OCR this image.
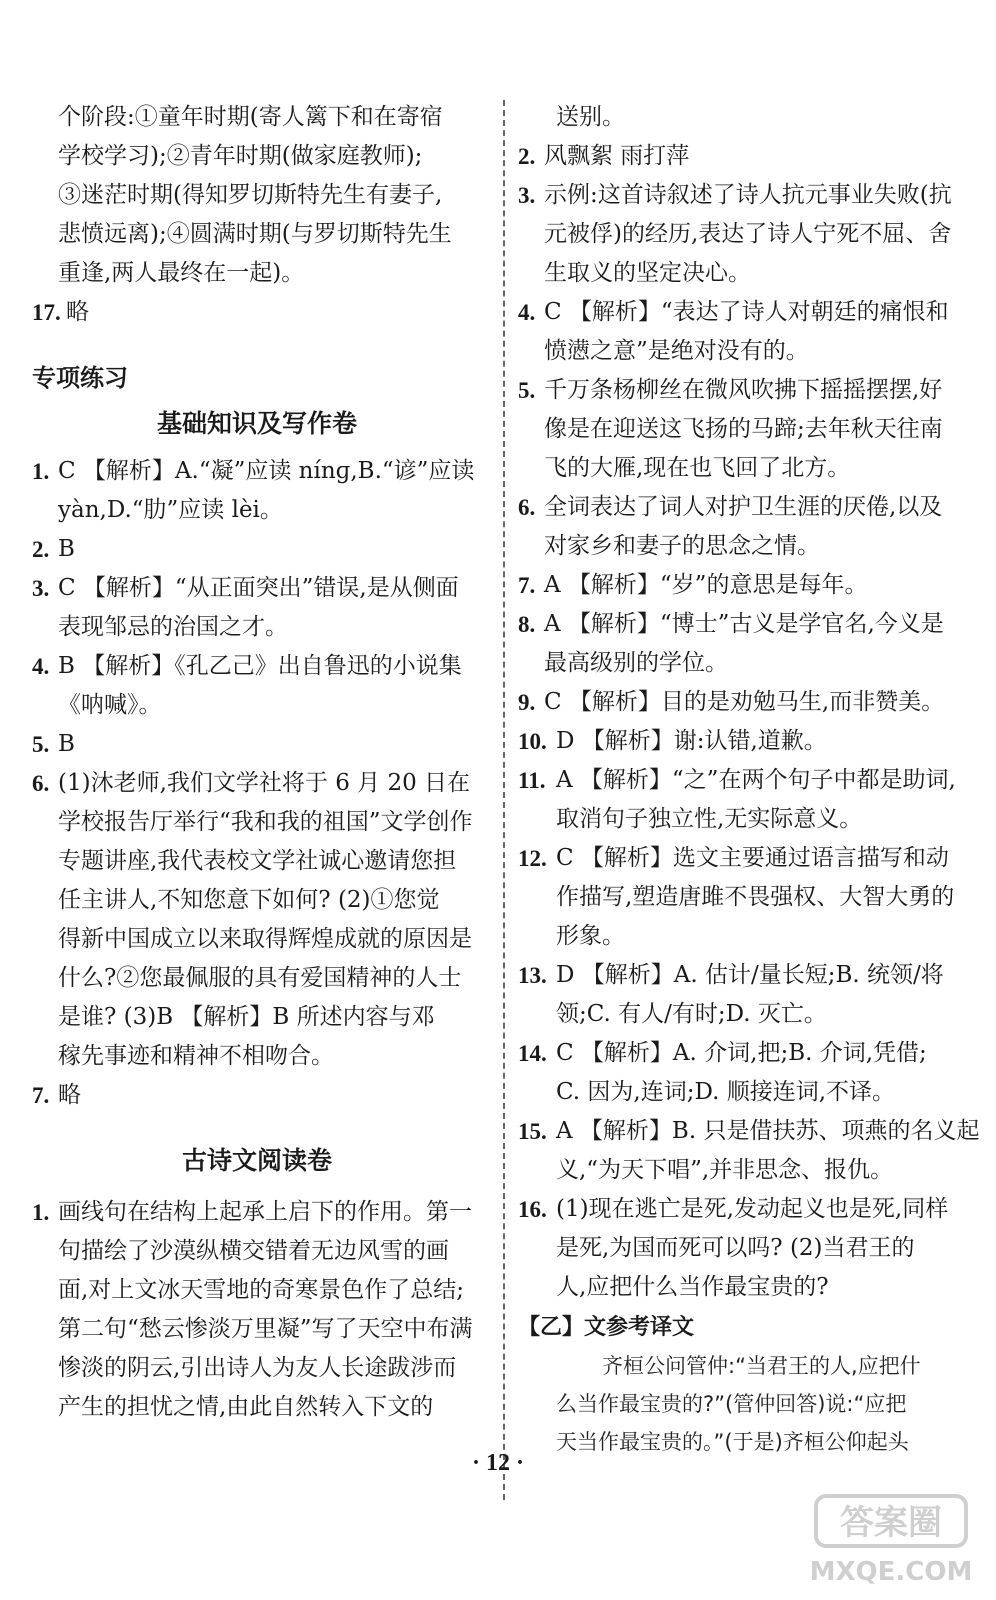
个阶段:①童年时期(寄人篱下和在寄宿
学校学习);②青年时期(做家庭教师);
③迷茫时期(得知罗切斯特先生有妻子,
悲愤远离);④圆满时期(与罗切斯特先生
重逢,两人最终在一起)。
17. 略
专项练习
基础知识及写作卷
1. C 【解析】A.“凝”应读 nínɡ,B.“谚”应读
yàn,D.“肋”应读 lèi。
2. B
3. C 【解析】“从正面突出”错误,是从侧面
表现邹忌的治国之才。
4. B 【解析】《孔乙己》出自鲁迅的小说集
《呐喊》。
5. B
6. (1)沐老师,我们文学社将于 6 月 20 日在
学校报告厅举行“我和我的祖国”文学创作
专题讲座,我代表校文学社诚心邀请您担
任主讲人,不知您意下如何? (2)①您觉
得新中国成立以来取得辉煌成就的原因是
什么?②您最佩服的具有爱国精神的人士
是谁? (3)B 【解析】B 所述内容与邓
稼先事迹和精神不相吻合。
7. 略
古诗文阅读卷
1. 画线句在结构上起承上启下的作用。第一
句描绘了沙漠纵横交错着无边风雪的画
面,对上文冰天雪地的奇寒景色作了总结;
第二句“愁云惨淡万里凝”写了天空中布满
惨淡的阴云,引出诗人为友人长途跋涉而
产生的担忧之情,由此自然转入下文的
送别。
2. 风飘絮 雨打萍
3. 示例:这首诗叙述了诗人抗元事业失败(抗
元被俘)的经历,表达了诗人宁死不屈、舍
生取义的坚定决心。
4. C 【解析】“表达了诗人对朝廷的痛恨和
愤懑之意”是绝对没有的。
5. 千万条杨柳丝在微风吹拂下摇摇摆摆,好
像是在迎送这飞扬的马蹄;去年秋天往南
飞的大雁,现在也飞回了北方。
6. 全词表达了词人对护卫生涯的厌倦,以及
对家乡和妻子的思念之情。
7. A 【解析】“岁”的意思是每年。
8. A 【解析】“博士”古义是学官名,今义是
最高级别的学位。
9. C 【解析】目的是劝勉马生,而非赞美。
10. D 【解析】谢:认错,道歉。
11. A 【解析】“之”在两个句子中都是助词,
取消句子独立性,无实际意义。
12. C 【解析】选文主要通过语言描写和动
作描写,塑造唐雎不畏强权、大智大勇的
形象。
13. D 【解析】A. 估计/量长短;B. 统领/将
领;C. 有人/有时;D. 灭亡。
14. C 【解析】A. 介词,把;B. 介词,凭借;
C. 因为,连词;D. 顺接连词,不译。
15. A 【解析】B. 只是借扶苏、项燕的名义起
义,“为天下唱”,并非思念、报仇。
16. (1)现在逃亡是死,发动起义也是死,同样
是死,为国而死可以吗? (2)当君王的
人,应把什么当作最宝贵的?
【乙】文参考译文
齐桓公问管仲:“当君王的人,应把什
么当作最宝贵的?”(管仲回答)说:“应把
天当作最宝贵的。”(于是)齐桓公仰起头
· 12 ·
答案圈
MXQE.COM
